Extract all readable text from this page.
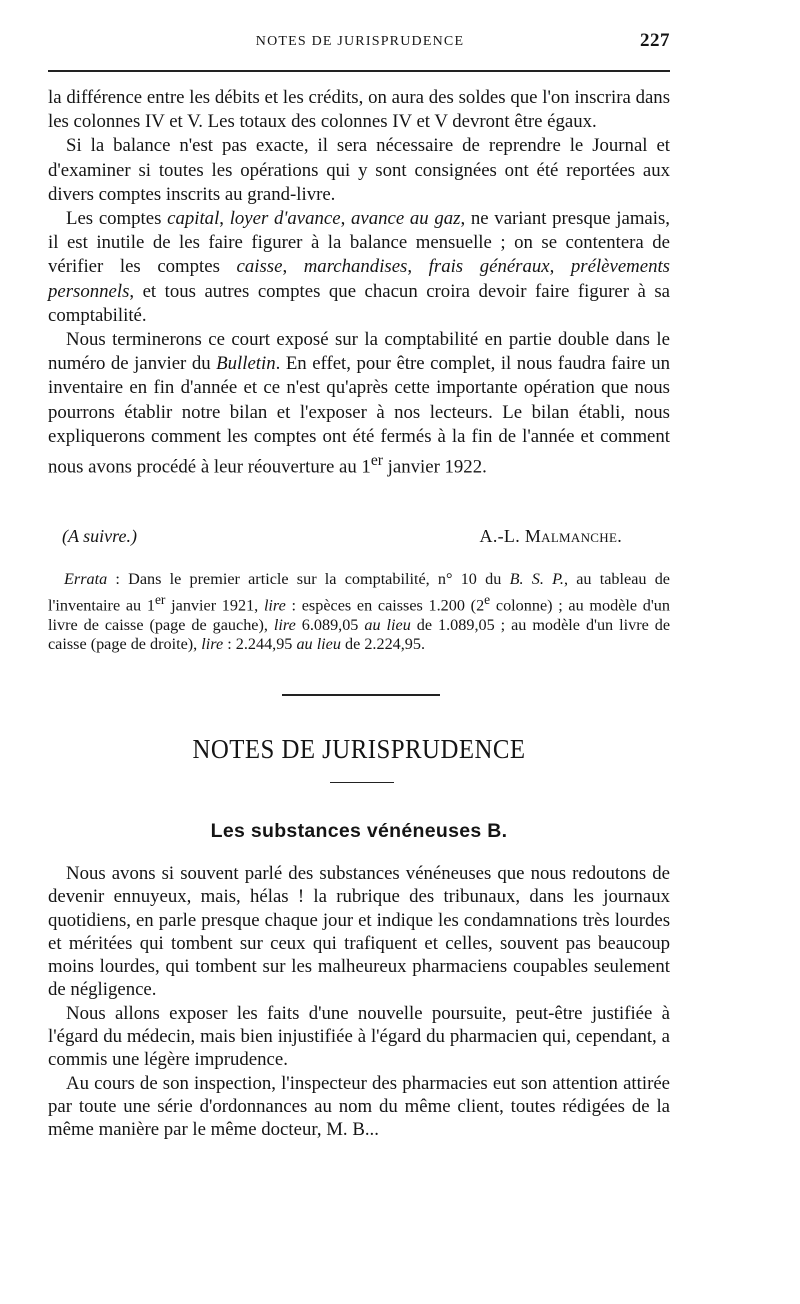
NOTES DE JURISPRUDENCE	227

la différence entre les débits et les crédits, on aura des soldes que l'on inscrira dans les colonnes IV et V. Les totaux des colonnes IV et V devront être égaux.

Si la balance n'est pas exacte, il sera nécessaire de reprendre le Journal et d'examiner si toutes les opérations qui y sont consignées ont été reportées aux divers comptes inscrits au grand-livre.

Les comptes capital, loyer d'avance, avance au gaz, ne variant presque jamais, il est inutile de les faire figurer à la balance mensuelle ; on se contentera de vérifier les comptes caisse, marchandises, frais généraux, prélèvements personnels, et tous autres comptes que chacun croira devoir faire figurer à sa comptabilité.

Nous terminerons ce court exposé sur la comptabilité en partie double dans le numéro de janvier du Bulletin. En effet, pour être complet, il nous faudra faire un inventaire en fin d'année et ce n'est qu'après cette importante opération que nous pourrons établir notre bilan et l'exposer à nos lecteurs. Le bilan établi, nous expliquerons comment les comptes ont été fermés à la fin de l'année et comment nous avons procédé à leur réouverture au 1er janvier 1922.

(A suivre.)	A.-L. Malmanche.
Errata : Dans le premier article sur la comptabilité, n° 10 du B. S. P., au tableau de l'inventaire au 1er janvier 1921, lire : espèces en caisses 1.200 (2e colonne) ; au modèle d'un livre de caisse (page de gauche), lire 6.089,05 au lieu de 1.089,05 ; au modèle d'un livre de caisse (page de droite), lire : 2.244,95 au lieu de 2.224,95.
NOTES DE JURISPRUDENCE
Les substances vénéneuses B.

Nous avons si souvent parlé des substances vénéneuses que nous redoutons de devenir ennuyeux, mais, hélas ! la rubrique des tribunaux, dans les journaux quotidiens, en parle presque chaque jour et indique les condamnations très lourdes et méritées qui tombent sur ceux qui trafiquent et celles, souvent pas beaucoup moins lourdes, qui tombent sur les malheureux pharmaciens coupables seulement de négligence.

Nous allons exposer les faits d'une nouvelle poursuite, peut-être justifiée à l'égard du médecin, mais bien injustifiée à l'égard du pharmacien qui, cependant, a commis une légère imprudence.

Au cours de son inspection, l'inspecteur des pharmacies eut son attention attirée par toute une série d'ordonnances au nom du même client, toutes rédigées de la même manière par le même docteur, M. B...
